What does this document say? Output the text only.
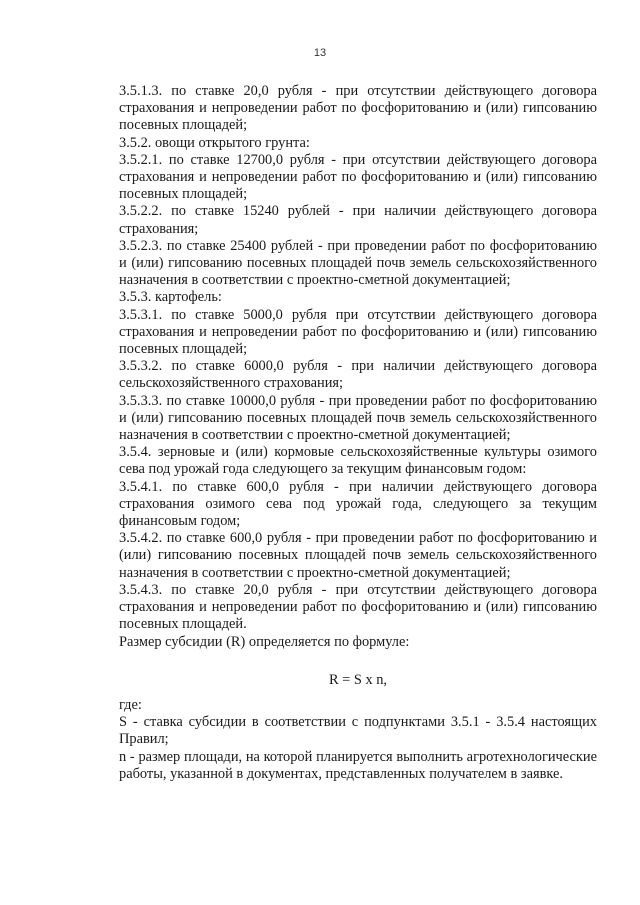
13

3.5.1.3. по ставке 20,0 рубля - при отсутствии действующего договора страхования и непроведении работ по фосфоритованию и (или) гипсованию посевных площадей;

3.5.2. овощи открытого грунта:

3.5.2.1. по ставке 12700,0 рубля - при отсутствии действующего договора страхования и непроведении работ по фосфоритованию и (или) гипсованию посевных площадей;

3.5.2.2. по ставке 15240 рублей - при наличии действующего договора страхования;

3.5.2.3. по ставке 25400 рублей - при проведении работ по фосфоритованию и (или) гипсованию посевных площадей почв земель сельскохозяйственного назначения в соответствии с проектно-сметной документацией;

3.5.3. картофель:

3.5.3.1. по ставке 5000,0 рубля при отсутствии действующего договора страхования и непроведении работ по фосфоритованию и (или) гипсованию посевных площадей;

3.5.3.2. по ставке 6000,0 рубля - при наличии действующего договора сельскохозяйственного страхования;

3.5.3.3. по ставке 10000,0 рубля - при проведении работ по фосфоритованию и (или) гипсованию посевных площадей почв земель сельскохозяйственного назначения в соответствии с проектно-сметной документацией;

3.5.4. зерновые и (или) кормовые сельскохозяйственные культуры озимого сева под урожай года следующего за текущим финансовым годом:

3.5.4.1. по ставке 600,0 рубля - при наличии действующего договора страхования озимого сева под урожай года, следующего за текущим финансовым годом;

3.5.4.2. по ставке 600,0 рубля - при проведении работ по фосфоритованию и (или) гипсованию посевных площадей почв земель сельскохозяйственного назначения в соответствии с проектно-сметной документацией;

3.5.4.3. по ставке 20,0 рубля - при отсутствии действующего договора страхования и непроведении работ по фосфоритованию и (или) гипсованию посевных площадей.

Размер субсидии (R) определяется по формуле:

R = S x n,

где:

S - ставка субсидии в соответствии с подпунктами 3.5.1 - 3.5.4 настоящих Правил;

n - размер площади, на которой планируется выполнить агротехнологические работы, указанной в документах, представленных получателем в заявке.
